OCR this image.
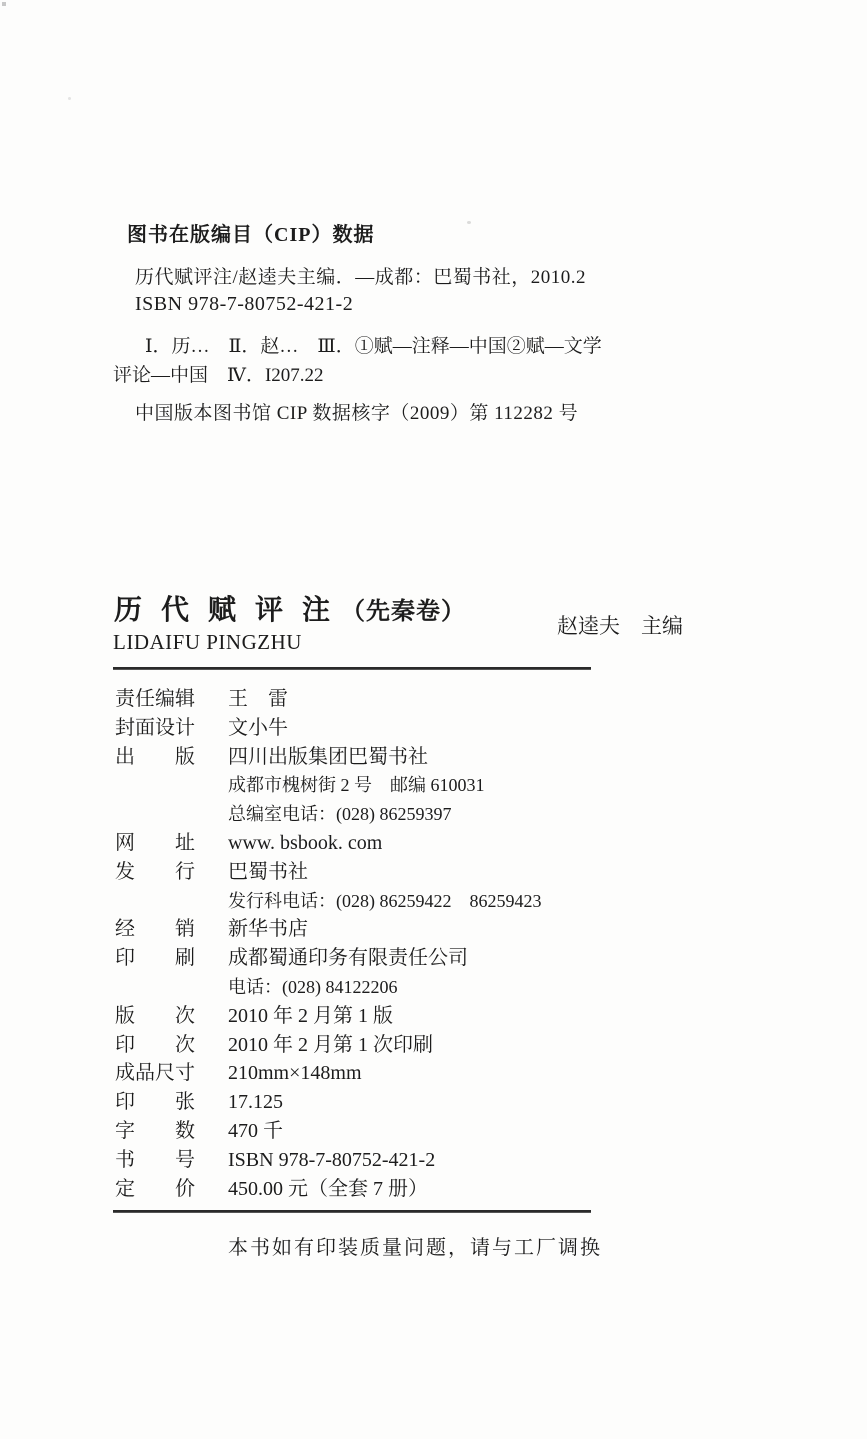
图书在版编目（CIP）数据
历代赋评注/赵逵夫主编．—成都：巴蜀书社，2010.2
ISBN 978-7-80752-421-2
Ⅰ．历…　Ⅱ．赵…　Ⅲ．①赋—注释—中国②赋—文学
评论—中国　Ⅳ．I207.22
中国版本图书馆 CIP 数据核字（2009）第 112282 号
历代赋评注（先秦卷）
LIDAIFU PINGZHU
赵逵夫　主编
责任编辑 王　雷
封面设计 文小牛
出　　版 四川出版集团巴蜀书社
成都市槐树街 2 号　邮编 610031
总编室电话：(028) 86259397
网　　址 www. bsbook. com
发　　行 巴蜀书社
发行科电话：(028) 86259422　86259423
经　　销 新华书店
印　　刷 成都蜀通印务有限责任公司
电话：(028) 84122206
版　　次 2010 年 2 月第 1 版
印　　次 2010 年 2 月第 1 次印刷
成品尺寸 210mm×148mm
印　　张 17.125
字　　数 470 千
书　　号 ISBN 978-7-80752-421-2
定　　价 450.00 元（全套 7 册）
本书如有印装质量问题，请与工厂调换
